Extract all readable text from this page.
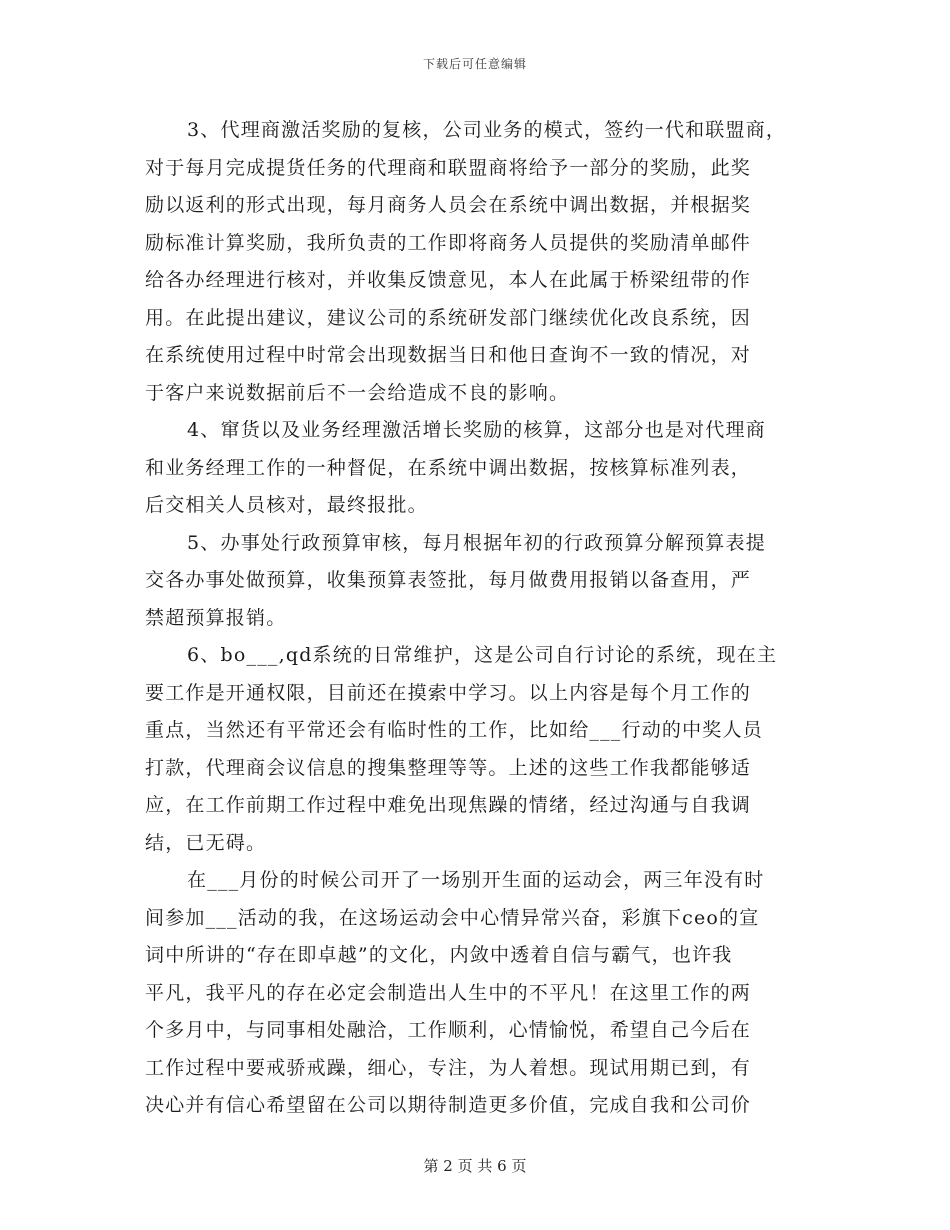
下载后可任意编辑
3、代理商激活奖励的复核，公司业务的模式，签约一代和联盟商，
对于每月完成提货任务的代理商和联盟商将给予一部分的奖励，此奖
励以返利的形式出现，每月商务人员会在系统中调出数据，并根据奖
励标准计算奖励，我所负责的工作即将商务人员提供的奖励清单邮件
给各办经理进行核对，并收集反馈意见，本人在此属于桥梁纽带的作
用。在此提出建议，建议公司的系统研发部门继续优化改良系统，因
在系统使用过程中时常会出现数据当日和他日查询不一致的情况，对
于客户来说数据前后不一会给造成不良的影响。
4、窜货以及业务经理激活增长奖励的核算，这部分也是对代理商
和业务经理工作的一种督促，在系统中调出数据，按核算标准列表，
后交相关人员核对，最终报批。
5、办事处行政预算审核，每月根据年初的行政预算分解预算表提
交各办事处做预算，收集预算表签批，每月做费用报销以备查用，严
禁超预算报销。
6、bo___,qd系统的日常维护，这是公司自行讨论的系统，现在主
要工作是开通权限，目前还在摸索中学习。以上内容是每个月工作的
重点，当然还有平常还会有临时性的工作，比如给___行动的中奖人员
打款，代理商会议信息的搜集整理等等。上述的这些工作我都能够适
应，在工作前期工作过程中难免出现焦躁的情绪，经过沟通与自我调
结，已无碍。
在___月份的时候公司开了一场别开生面的运动会，两三年没有时
间参加___活动的我，在这场运动会中心情异常兴奋，彩旗下ceo的宣
词中所讲的“存在即卓越”的文化，内敛中透着自信与霸气，也许我
平凡，我平凡的存在必定会制造出人生中的不平凡！在这里工作的两
个多月中，与同事相处融洽，工作顺利，心情愉悦，希望自己今后在
工作过程中要戒骄戒躁，细心，专注，为人着想。现试用期已到，有
决心并有信心希望留在公司以期待制造更多价值，完成自我和公司价
第 2 页 共 6 页
